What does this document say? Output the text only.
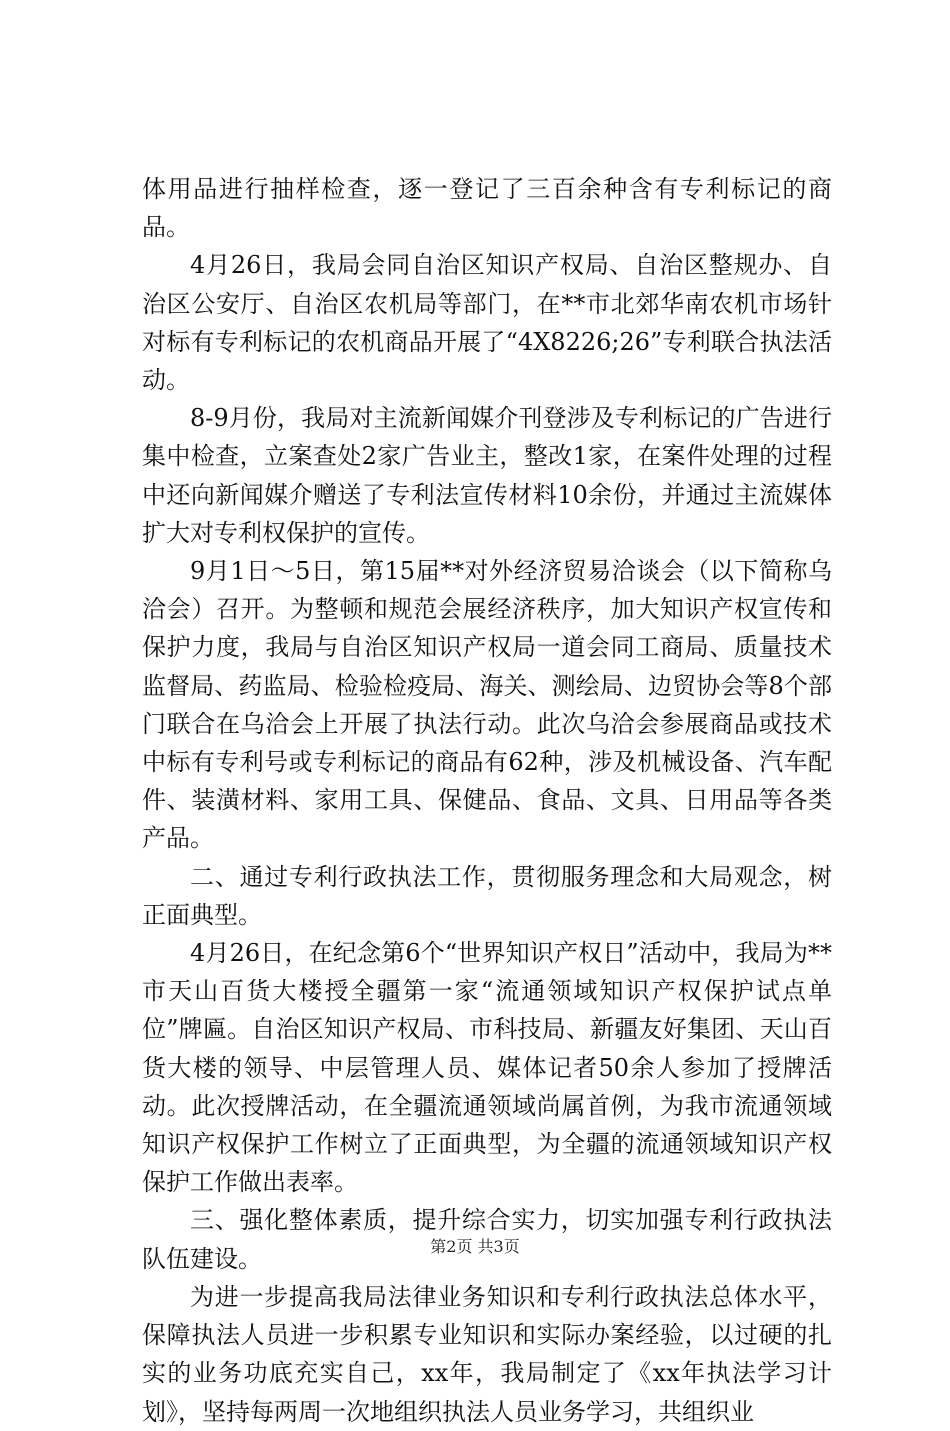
体用品进行抽样检查，逐一登记了三百余种含有专利标记的商品。

4月26日，我局会同自治区知识产权局、自治区整规办、自治区公安厅、自治区农机局等部门，在**市北郊华南农机市场针对标有专利标记的农机商品开展了“4X8226;26”专利联合执法活动。

8-9月份，我局对主流新闻媒介刊登涉及专利标记的广告进行集中检查，立案查处2家广告业主，整改1家，在案件处理的过程中还向新闻媒介赠送了专利法宣传材料10余份，并通过主流媒体扩大对专利权保护的宣传。

9月1日～5日，第15届**对外经济贸易洽谈会（以下简称乌洽会）召开。为整顿和规范会展经济秩序，加大知识产权宣传和保护力度，我局与自治区知识产权局一道会同工商局、质量技术监督局、药监局、检验检疫局、海关、测绘局、边贸协会等8个部门联合在乌洽会上开展了执法行动。此次乌洽会参展商品或技术中标有专利号或专利标记的商品有62种，涉及机械设备、汽车配件、装潢材料、家用工具、保健品、食品、文具、日用品等各类产品。

二、通过专利行政执法工作，贯彻服务理念和大局观念，树正面典型。

4月26日，在纪念第6个“世界知识产权日”活动中，我局为**市天山百货大楼授全疆第一家“流通领域知识产权保护试点单位”牌匾。自治区知识产权局、市科技局、新疆友好集团、天山百货大楼的领导、中层管理人员、媒体记者50余人参加了授牌活动。此次授牌活动，在全疆流通领域尚属首例，为我市流通领域知识产权保护工作树立了正面典型，为全疆的流通领域知识产权保护工作做出表率。

三、强化整体素质，提升综合实力，切实加强专利行政执法队伍建设。

为进一步提高我局法律业务知识和专利行政执法总体水平，保障执法人员进一步积累专业知识和实际办案经验，以过硬的扎实的业务功底充实自己，xx年，我局制定了《xx年执法学习计划》，坚持每两周一次地组织执法人员业务学习，共组织业

第2页 共3页
